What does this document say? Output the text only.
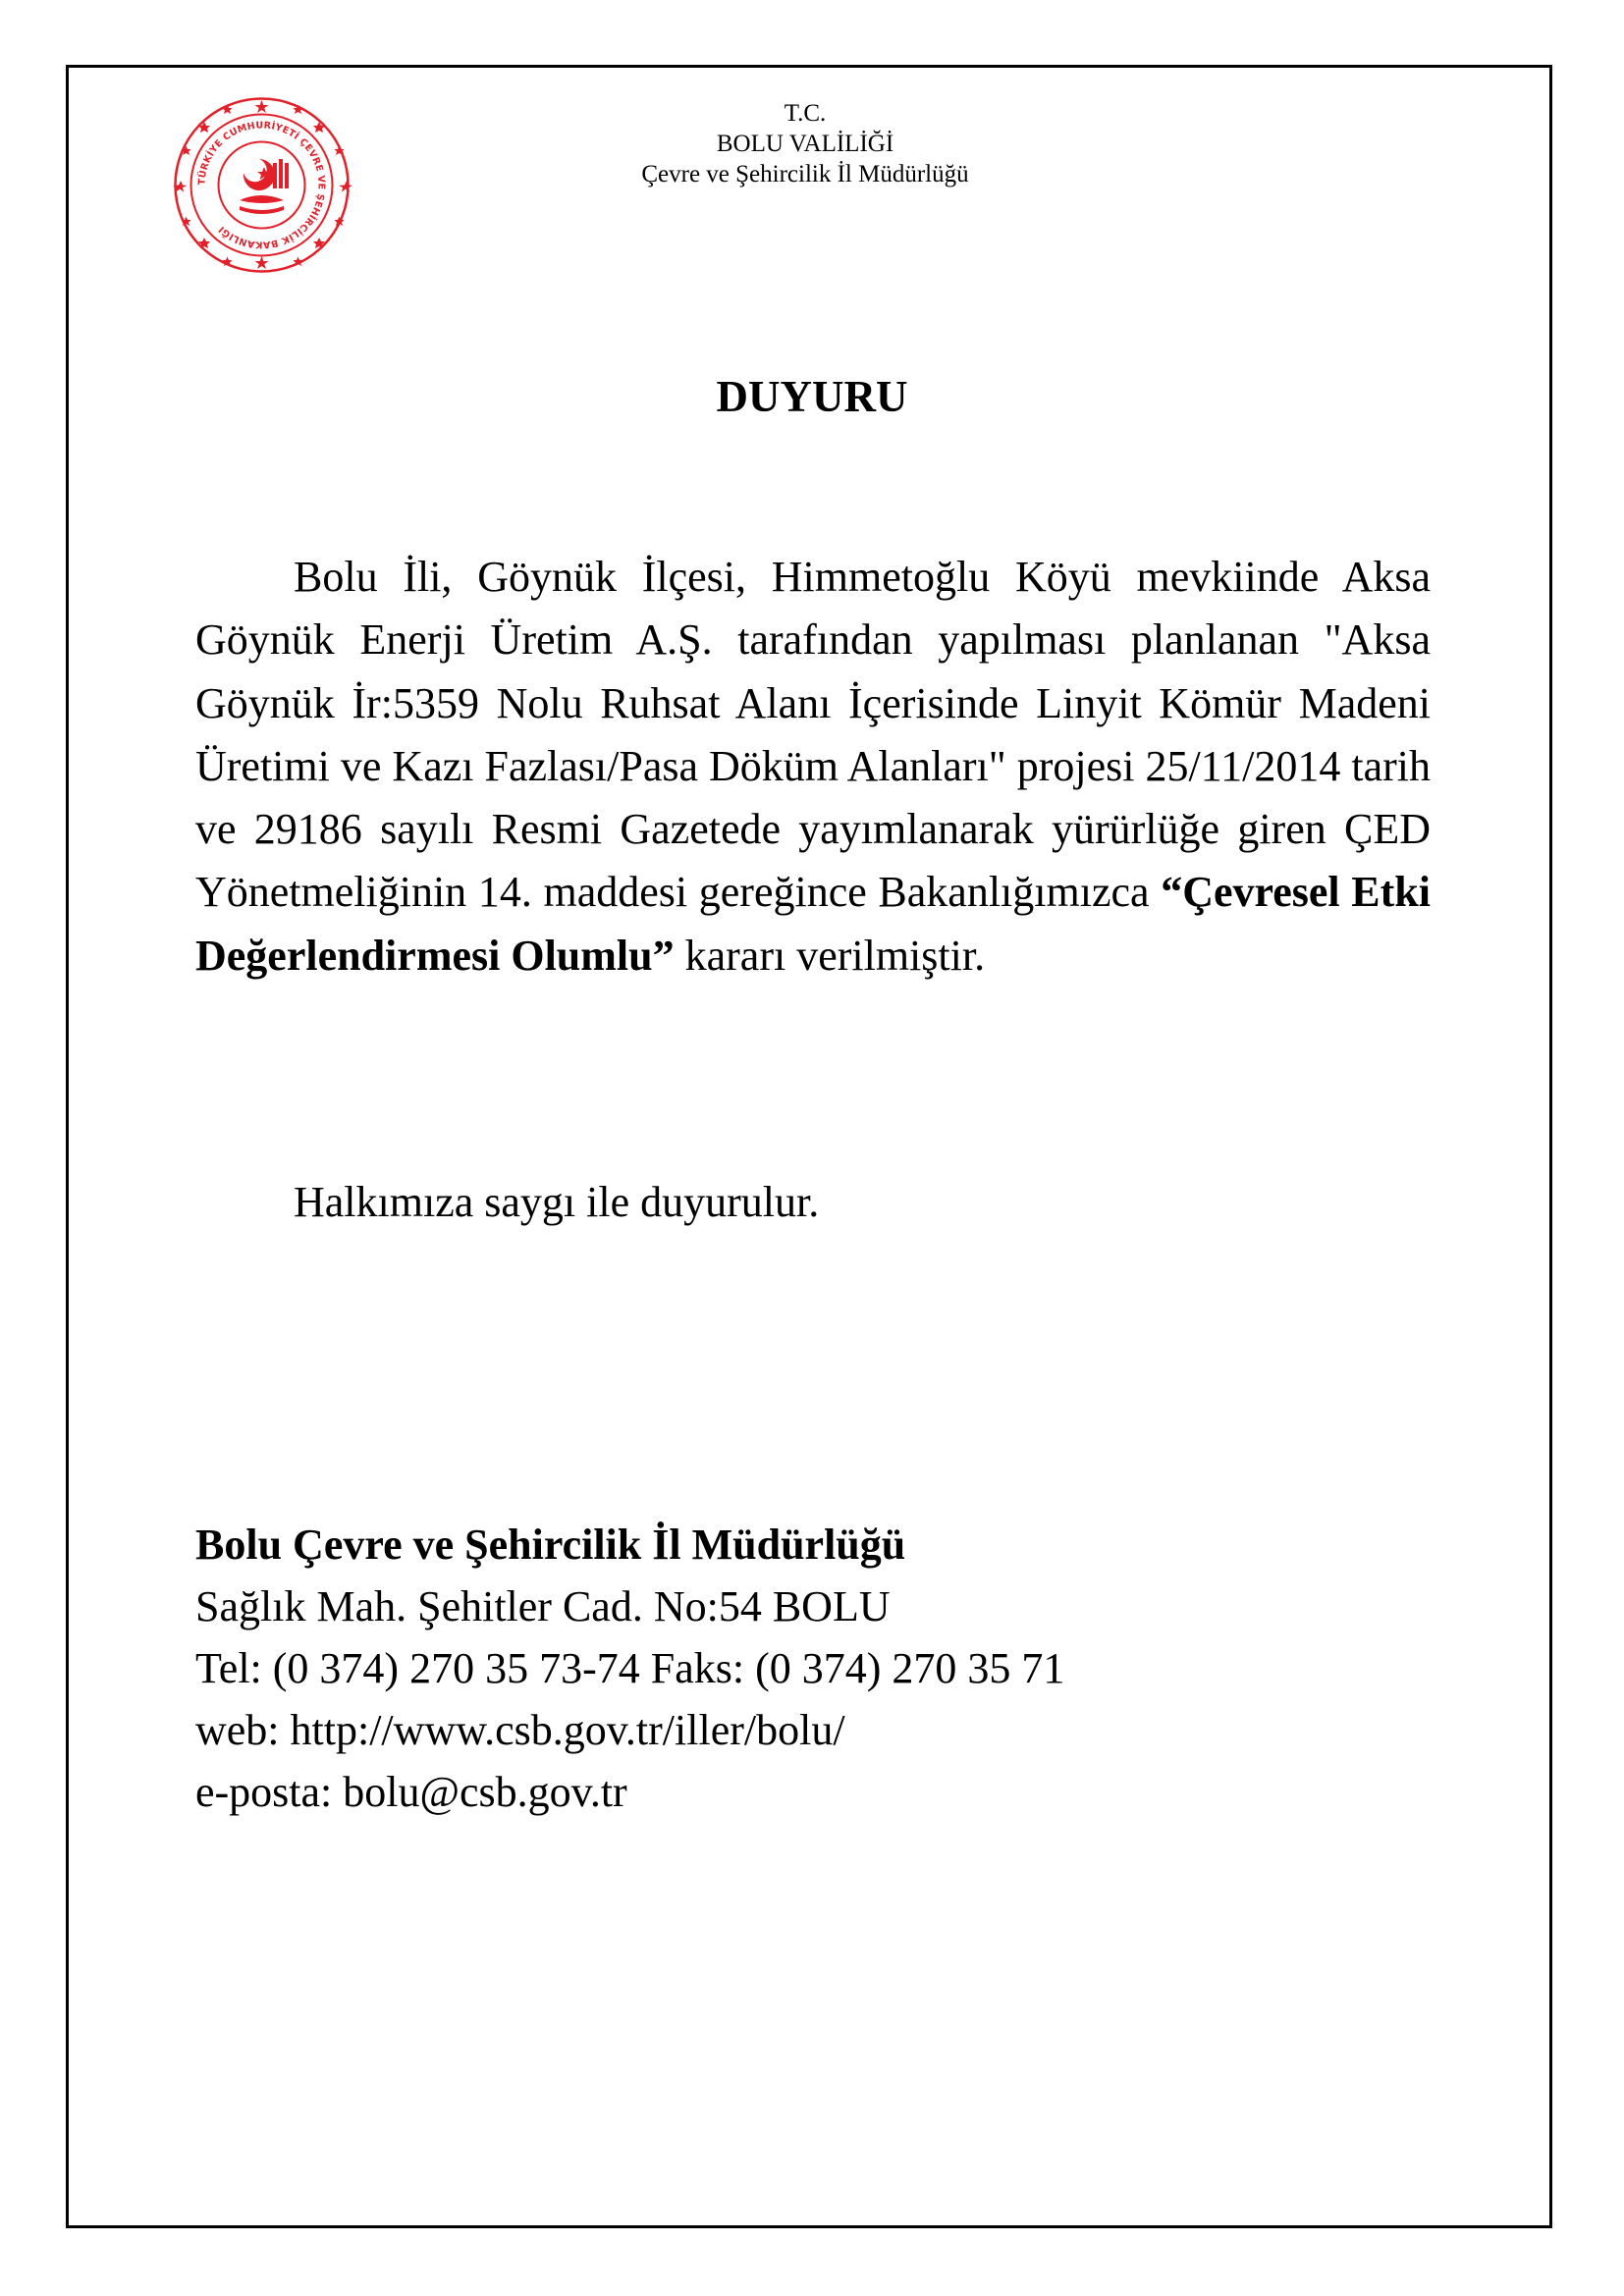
TÜRKİYE CUMHURİYETİ ÇEVRE VE ŞEHİRCİLİK BAKANLIĞI
T.C.
BOLU VALİLİĞİ
Çevre ve Şehircilik İl Müdürlüğü
DUYURU
Bolu İli, Göynük İlçesi, Himmetoğlu Köyü mevkiinde Aksa Göynük Enerji Üretim A.Ş. tarafından yapılması planlanan "Aksa Göynük İr:5359 Nolu Ruhsat Alanı İçerisinde Linyit Kömür Madeni Üretimi ve Kazı Fazlası/Pasa Döküm Alanları" projesi 25/11/2014 tarih ve 29186 sayılı Resmi Gazetede yayımlanarak yürürlüğe giren ÇED Yönetmeliğinin 14. maddesi gereğince Bakanlığımızca “Çevresel Etki Değerlendirmesi Olumlu” kararı verilmiştir.
Halkımıza saygı ile duyurulur.
Bolu Çevre ve Şehircilik İl Müdürlüğü
Sağlık Mah. Şehitler Cad. No:54 BOLU
Tel: (0 374) 270 35 73-74 Faks: (0 374) 270 35 71
web: http://www.csb.gov.tr/iller/bolu/
e-posta: bolu@csb.gov.tr
